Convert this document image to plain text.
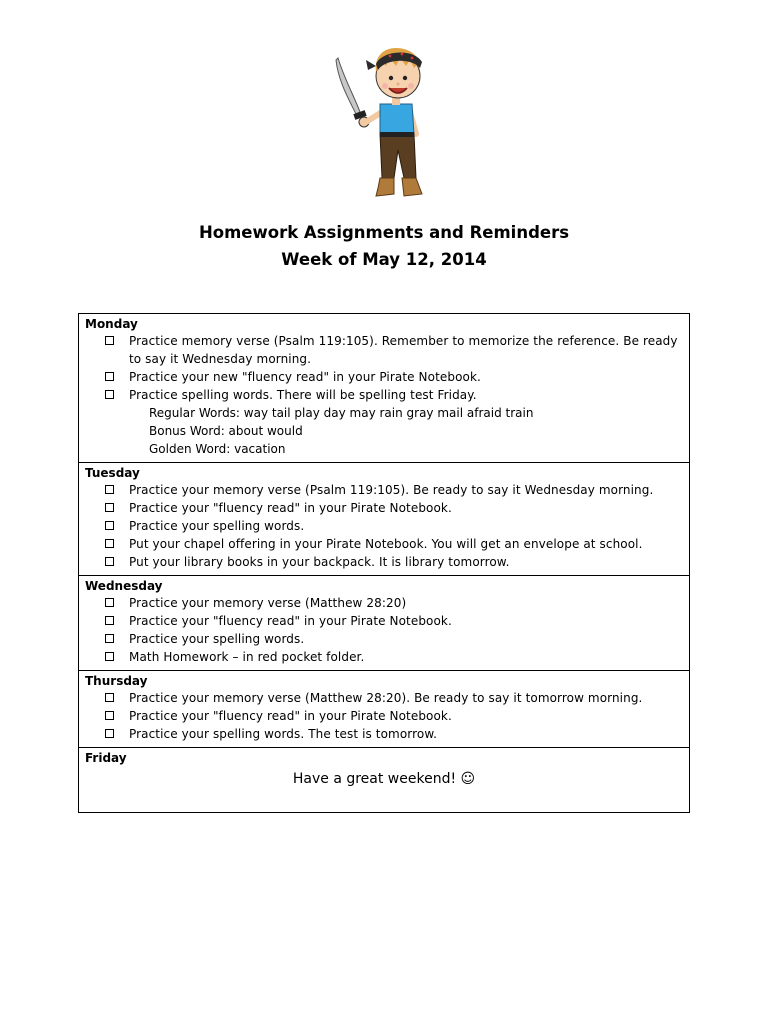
Homework Assignments and Reminders
Week of May 12, 2014
Monday
Practice memory verse (Psalm 119:105). Remember to memorize the reference. Be ready to say it Wednesday morning.
Practice your new "fluency read" in your Pirate Notebook.
Practice spelling words. There will be spelling test Friday.
Regular Words: way tail play day may rain gray mail afraid train
Bonus Word: about would
Golden Word: vacation

Tuesday
Practice your memory verse (Psalm 119:105). Be ready to say it Wednesday morning.
Practice your "fluency read" in your Pirate Notebook.
Practice your spelling words.
Put your chapel offering in your Pirate Notebook. You will get an envelope at school.
Put your library books in your backpack. It is library tomorrow.

Wednesday
Practice your memory verse (Matthew 28:20)
Practice your "fluency read" in your Pirate Notebook.
Practice your spelling words.
Math Homework – in red pocket folder.

Thursday
Practice your memory verse (Matthew 28:20). Be ready to say it tomorrow morning.
Practice your "fluency read" in your Pirate Notebook.
Practice your spelling words. The test is tomorrow.

Friday
Have a great weekend! ☺
